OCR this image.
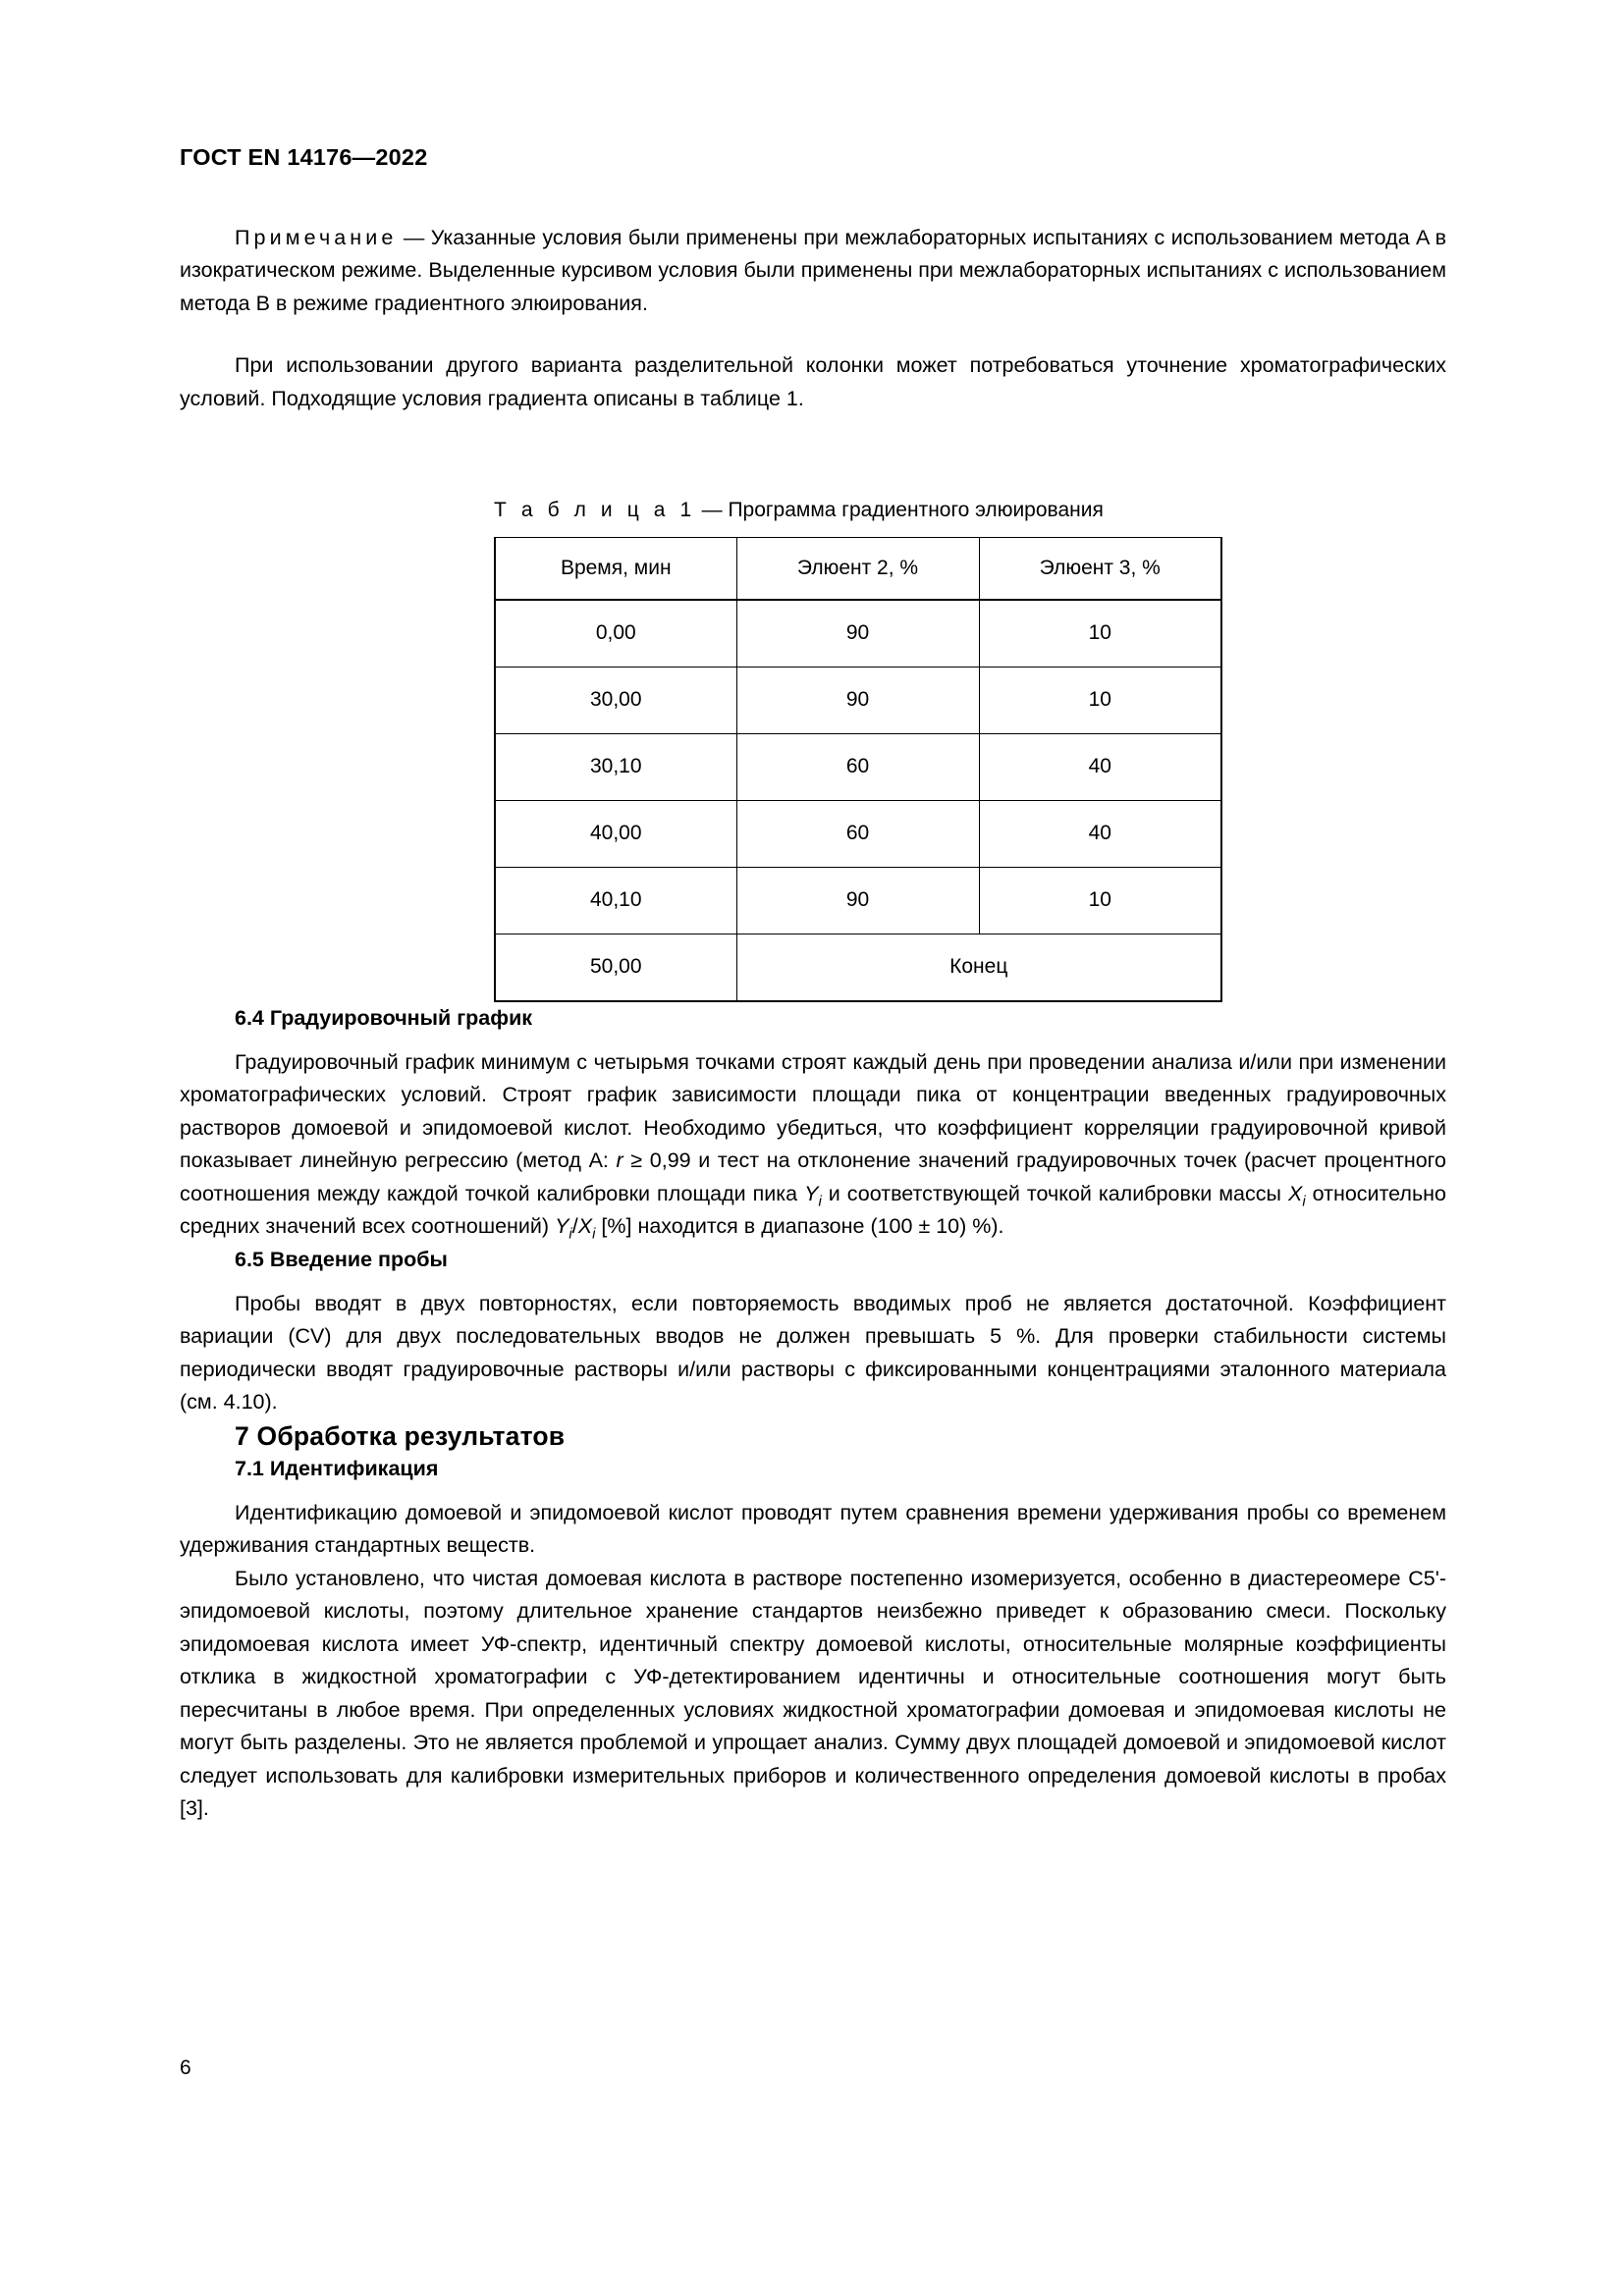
ГОСТ EN 14176—2022

Примечание — Указанные условия были применены при межлабораторных испытаниях с использованием метода A в изократическом режиме. Выделенные курсивом условия были применены при межлабораторных испытаниях с использованием метода B в режиме градиентного элюирования.

При использовании другого варианта разделительной колонки может потребоваться уточнение хроматографических условий. Подходящие условия градиента описаны в таблице 1.

Т а б л и ц а 1 — Программа градиентного элюирования
Время, мин	Элюент 2, %	Элюент 3, %
0,00	90	10
30,00	90	10
30,10	60	40
40,00	60	40
40,10	90	10
50,00	Конец	
6.4 Градуировочный график

Градуировочный график минимум с четырьмя точками строят каждый день при проведении анализа и/или при изменении хроматографических условий. Строят график зависимости площади пика от концентрации введенных градуировочных растворов домоевой и эпидомоевой кислот. Необходимо убедиться, что коэффициент корреляции градуировочной кривой показывает линейную регрессию (метод A: r ≥ 0,99 и тест на отклонение значений градуировочных точек (расчет процентного соотношения между каждой точкой калибровки площади пика $Y_i$ и соответствующей точкой калибровки массы $X_i$ относительно средних значений всех соотношений) $Y_i/X_i$ [%] находится в диапазоне (100 ± 10) %).

6.5 Введение пробы

Пробы вводят в двух повторностях, если повторяемость вводимых проб не является достаточной. Коэффициент вариации (CV) для двух последовательных вводов не должен превышать 5 %. Для проверки стабильности системы периодически вводят градуировочные растворы и/или растворы с фиксированными концентрациями эталонного материала (см. 4.10).

7 Обработка результатов
7.1 Идентификация

Идентификацию домоевой и эпидомоевой кислот проводят путем сравнения времени удерживания пробы со временем удерживания стандартных веществ.

Было установлено, что чистая домоевая кислота в растворе постепенно изомеризуется, особенно в диастереомере C5'-эпидомоевой кислоты, поэтому длительное хранение стандартов неизбежно приведет к образованию смеси. Поскольку эпидомоевая кислота имеет УФ-спектр, идентичный спектру домоевой кислоты, относительные молярные коэффициенты отклика в жидкостной хроматографии с УФ-детектированием идентичны и относительные соотношения могут быть пересчитаны в любое время. При определенных условиях жидкостной хроматографии домоевая и эпидомоевая кислоты не могут быть разделены. Это не является проблемой и упрощает анализ. Сумму двух площадей домоевой и эпидомоевой кислот следует использовать для калибровки измерительных приборов и количественного определения домоевой кислоты в пробах [3].

6
